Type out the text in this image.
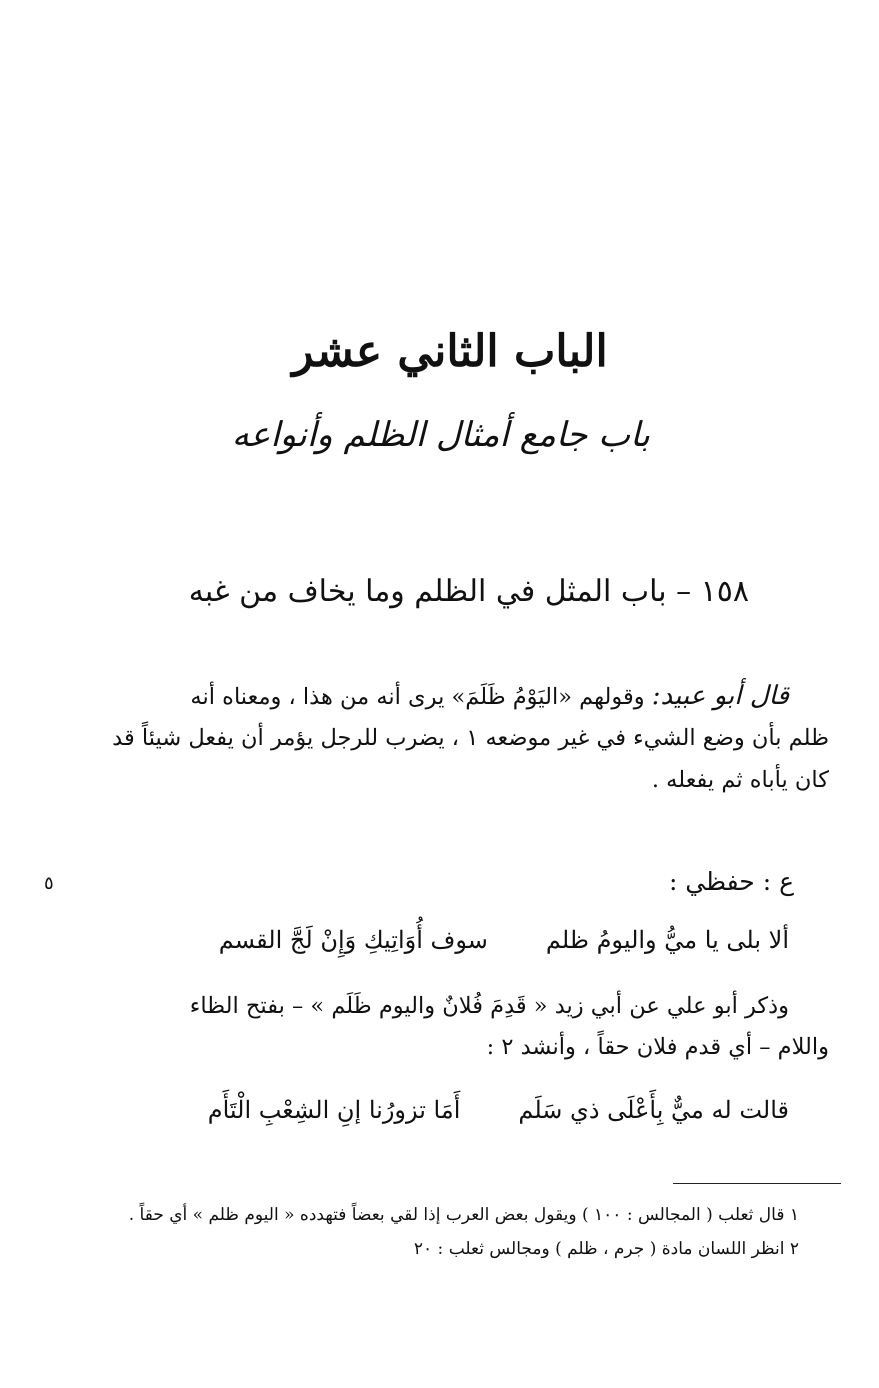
الباب الثاني عشر
باب جامع أمثال الظلم وأنواعه
١٥٨ – باب المثل في الظلم وما يخاف من غبه

قال أبو عبيد: وقولهم «اليَوْمُ ظَلَمَ» يرى أنه من هذا ، ومعناه أنه

ظلم بأن وضع الشيء في غير موضعه ١ ، يضرب للرجل يؤمر أن يفعل شيئاً قد

كان يأباه ثم يفعله .

٥	ع : حفظي :
ألا بلى يا ميُّ واليومُ ظلمسوف أُوَاتِيكِ وَإِنْ لَجَّ القسم

وذكر أبو علي عن أبي زيد « قَدِمَ فُلانٌ واليوم ظَلَم » – بفتح الظاء

واللام – أي قدم فلان حقاً ، وأنشد ٢ :

قالت له ميٌّ بِأَعْلَى ذي سَلَمأَمَا تزورُنا إنِ الشِعْبِ الْتَأَم

١ قال ثعلب ( المجالس : ١٠٠ ) ويقول بعض العرب إذا لقي بعضاً فتهدده « اليوم ظلم » أي حقاً .

٢ انظر اللسان مادة ( جرم ، ظلم ) ومجالس ثعلب : ٢٠
